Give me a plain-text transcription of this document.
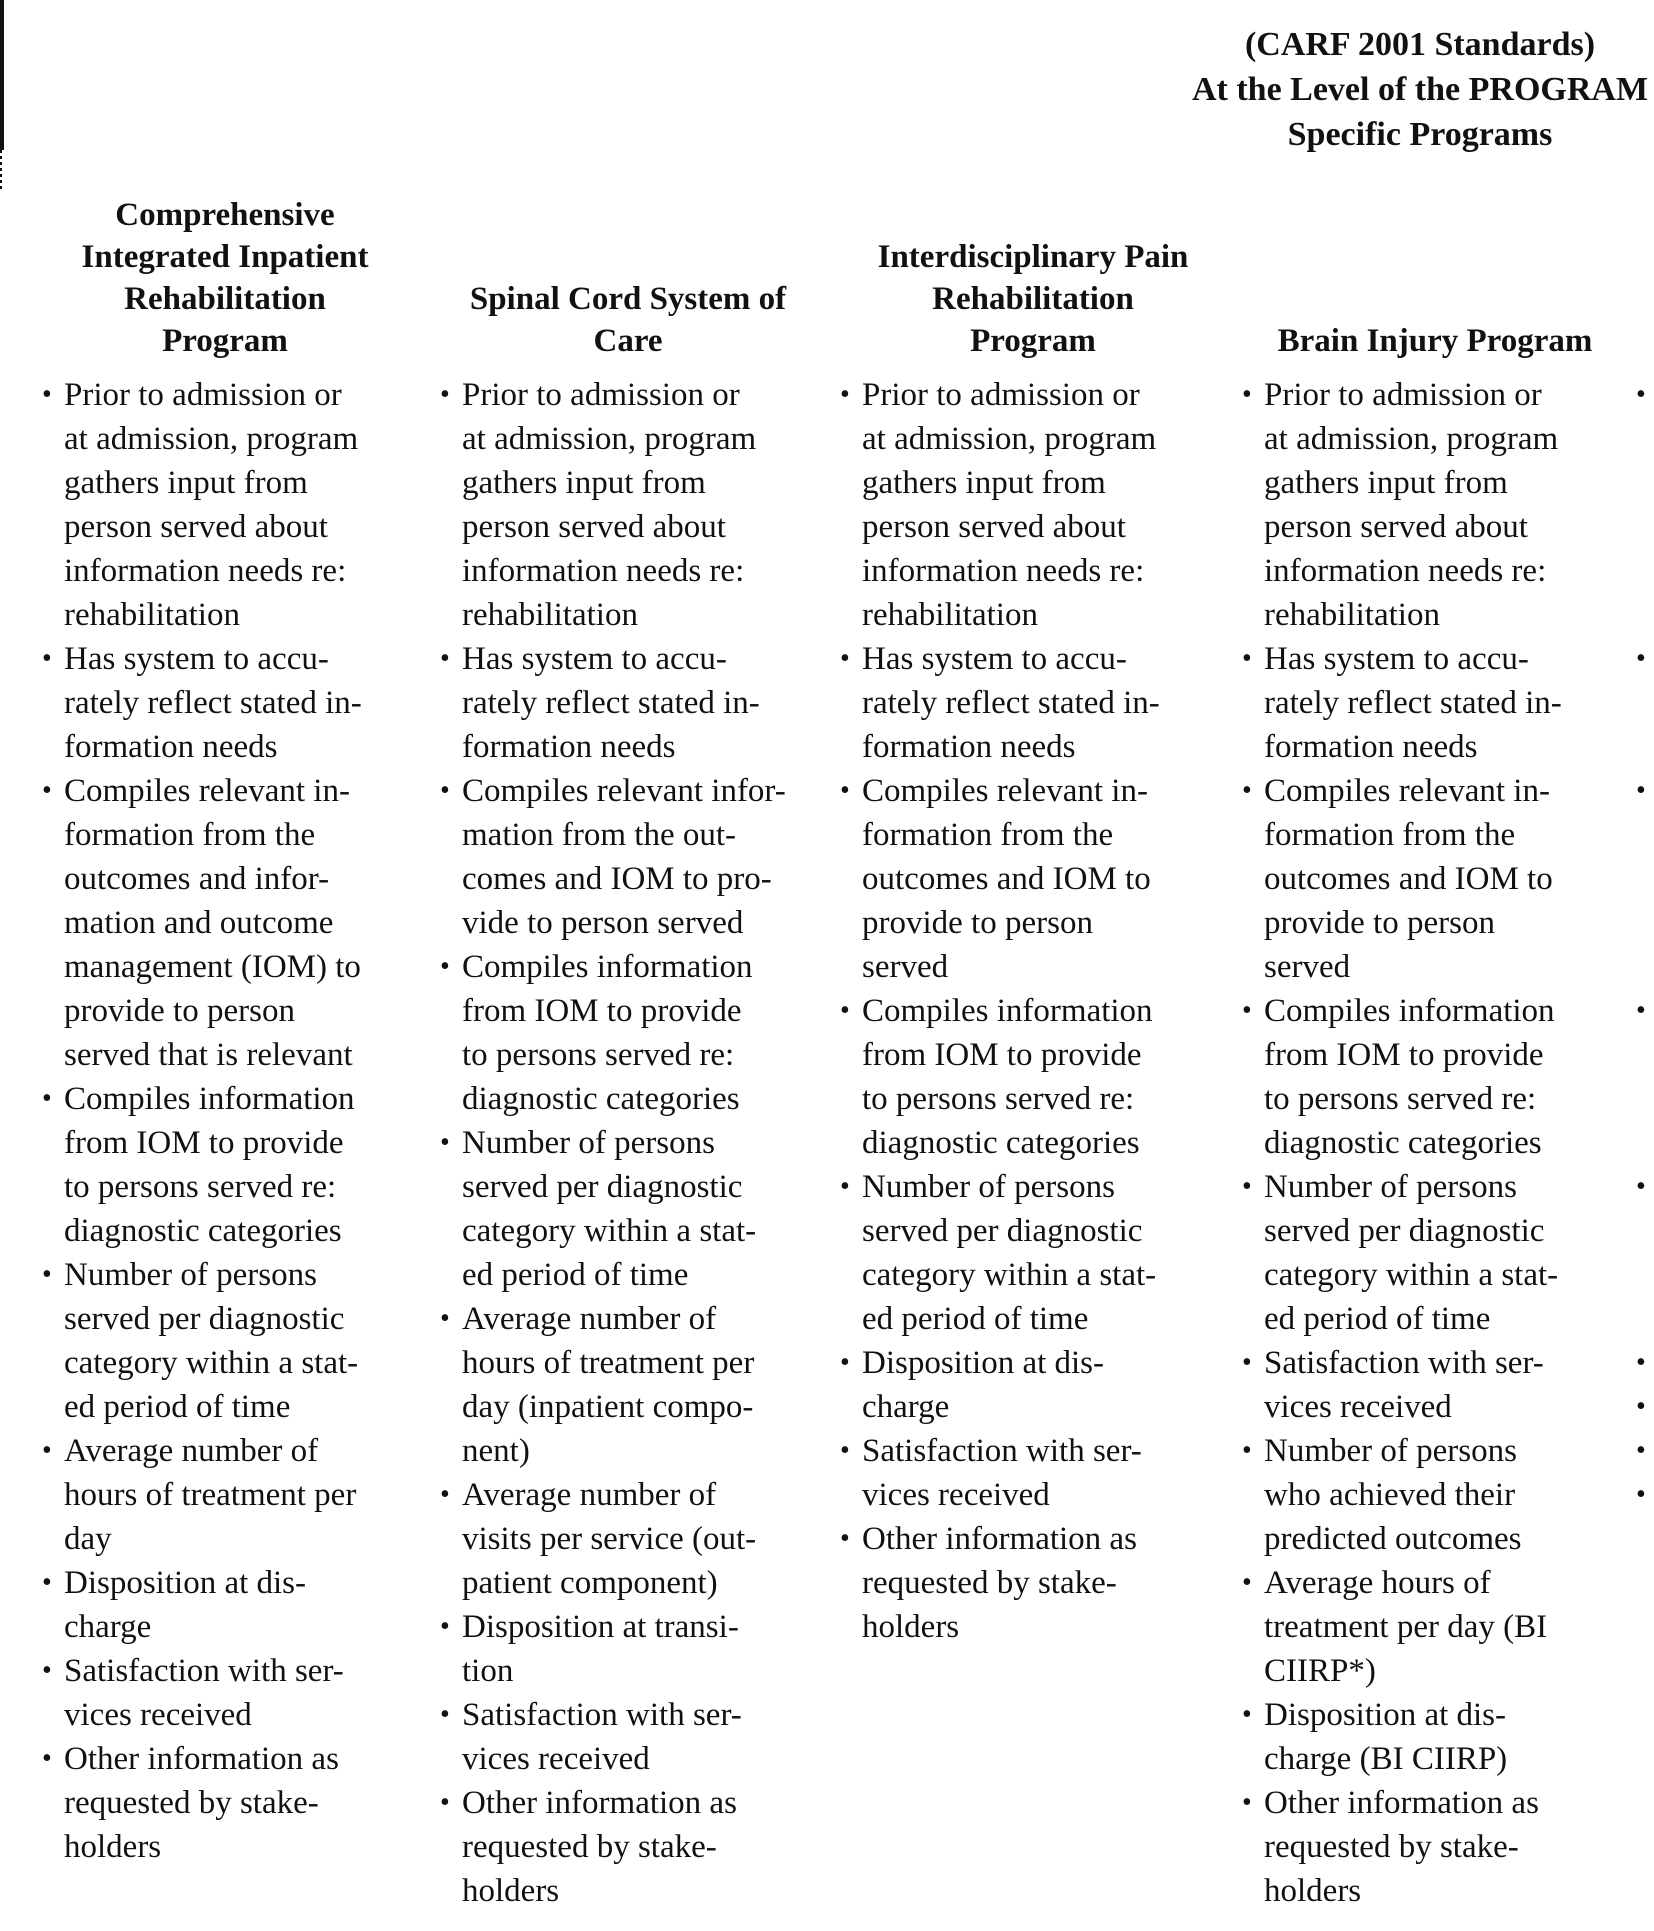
(CARF 2001 Standards)
At the Level of the PROGRAM
Specific Programs
Comprehensive
Integrated Inpatient
Rehabilitation
Program
• Prior to admission or
at admission, program
gathers input from
person served about
information needs re:
rehabilitation
• Has system to accu-
rately reflect stated in-
formation needs
• Compiles relevant in-
formation from the
outcomes and infor-
mation and outcome
management (IOM) to
provide to person
served that is relevant
• Compiles information
from IOM to provide
to persons served re:
diagnostic categories
• Number of persons
served per diagnostic
category within a stat-
ed period of time
• Average number of
hours of treatment per
day
• Disposition at dis-
charge
• Satisfaction with ser-
vices received
• Other information as
requested by stake-
holders
Spinal Cord System of
Care
• Prior to admission or
at admission, program
gathers input from
person served about
information needs re:
rehabilitation
• Has system to accu-
rately reflect stated in-
formation needs
• Compiles relevant infor-
mation from the out-
comes and IOM to pro-
vide to person served
• Compiles information
from IOM to provide
to persons served re:
diagnostic categories
• Number of persons
served per diagnostic
category within a stat-
ed period of time
• Average number of
hours of treatment per
day (inpatient compo-
nent)
• Average number of
visits per service (out-
patient component)
• Disposition at transi-
tion
• Satisfaction with ser-
vices received
• Other information as
requested by stake-
holders
Interdisciplinary Pain
Rehabilitation
Program
• Prior to admission or
at admission, program
gathers input from
person served about
information needs re:
rehabilitation
• Has system to accu-
rately reflect stated in-
formation needs
• Compiles relevant in-
formation from the
outcomes and IOM to
provide to person
served
• Compiles information
from IOM to provide
to persons served re:
diagnostic categories
• Number of persons
served per diagnostic
category within a stat-
ed period of time
• Disposition at dis-
charge
• Satisfaction with ser-
vices received
• Other information as
requested by stake-
holders
Brain Injury Program
• Prior to admission or
at admission, program
gathers input from
person served about
information needs re:
rehabilitation
• Has system to accu-
rately reflect stated in-
formation needs
• Compiles relevant in-
formation from the
outcomes and IOM to
provide to person
served
• Compiles information
from IOM to provide
to persons served re:
diagnostic categories
• Number of persons
served per diagnostic
category within a stat-
ed period of time
• Satisfaction with ser-
vices received
• Number of persons
who achieved their
predicted outcomes
• Average hours of
treatment per day (BI
CIIRP*)
• Disposition at dis-
charge (BI CIIRP)
• Other information as
requested by stake-
holders
•
•
•
•
•
•
•
•
•
